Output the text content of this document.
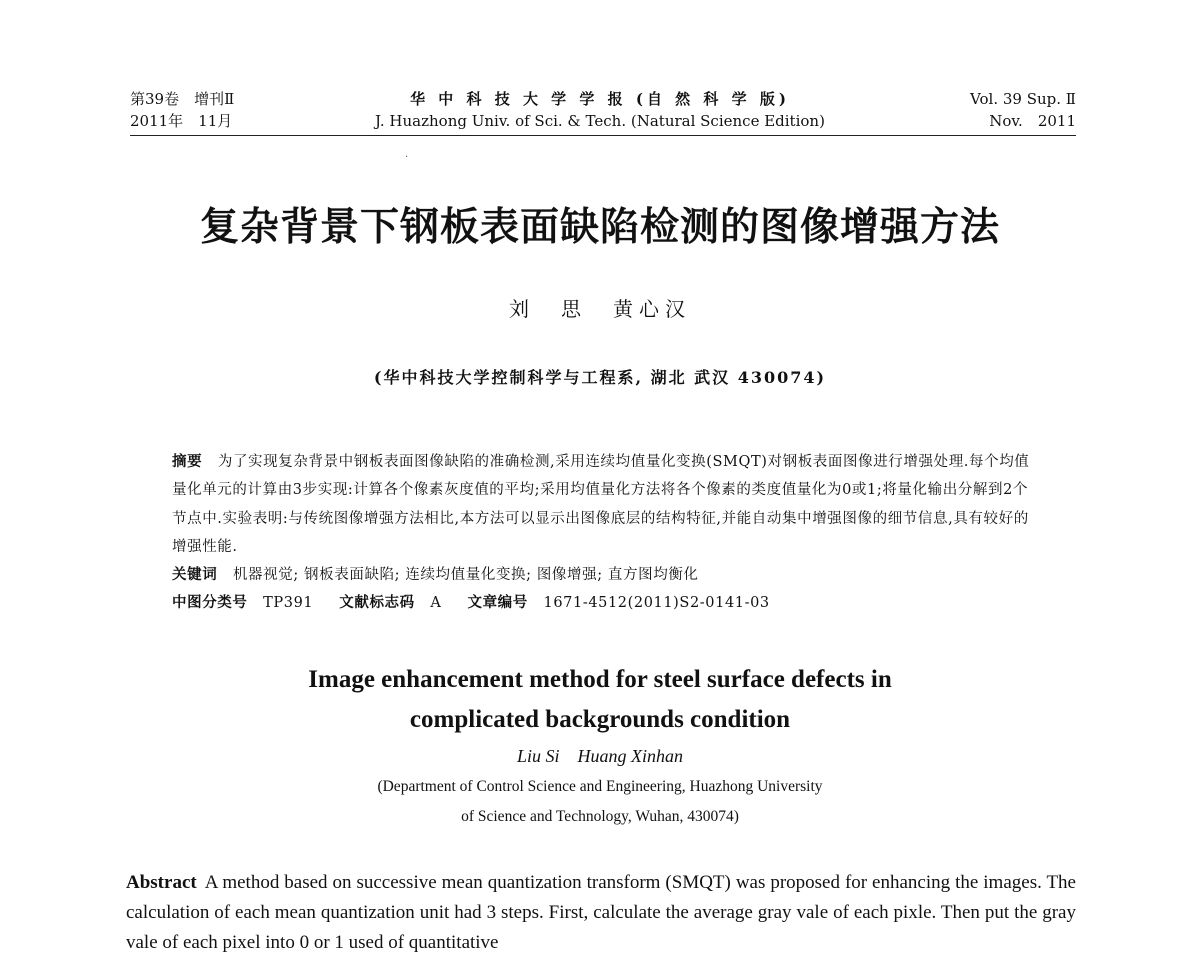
第39卷　增刊Ⅱ
2011年　11月
华 中 科 技 大 学 学 报 (自 然 科 学 版)
J. Huazhong Univ. of Sci. & Tech. (Natural Science Edition)
Vol. 39 Sup. Ⅱ
Nov.　2011
·
复杂背景下钢板表面缺陷检测的图像增强方法
刘　思　黄心汉
(华中科技大学控制科学与工程系, 湖北 武汉 430074)

摘要 为了实现复杂背景中钢板表面图像缺陷的准确检测,采用连续均值量化变换(SMQT)对钢板表面图像进行增强处理.每个均值量化单元的计算由3步实现:计算各个像素灰度值的平均;采用均值量化方法将各个像素的类度值量化为0或1;将量化输出分解到2个节点中.实验表明:与传统图像增强方法相比,本方法可以显示出图像底层的结构特征,并能自动集中增强图像的细节信息,具有较好的增强性能.

关键词 机器视觉; 钢板表面缺陷; 连续均值量化变换; 图像增强; 直方图均衡化

中图分类号 TP391 文献标志码 A 文章编号 1671-4512(2011)S2-0141-03

Image enhancement method for steel surface defects in
complicated backgrounds condition
Liu Si Huang Xinhan
(Department of Control Science and Engineering, Huazhong University
of Science and Technology, Wuhan, 430074)
Abstract A method based on successive mean quantization transform (SMQT) was proposed for enhancing the images. The calculation of each mean quantization unit had 3 steps. First, calculate the average gray vale of each pixle. Then put the gray vale of each pixel into 0 or 1 used of quantitative
